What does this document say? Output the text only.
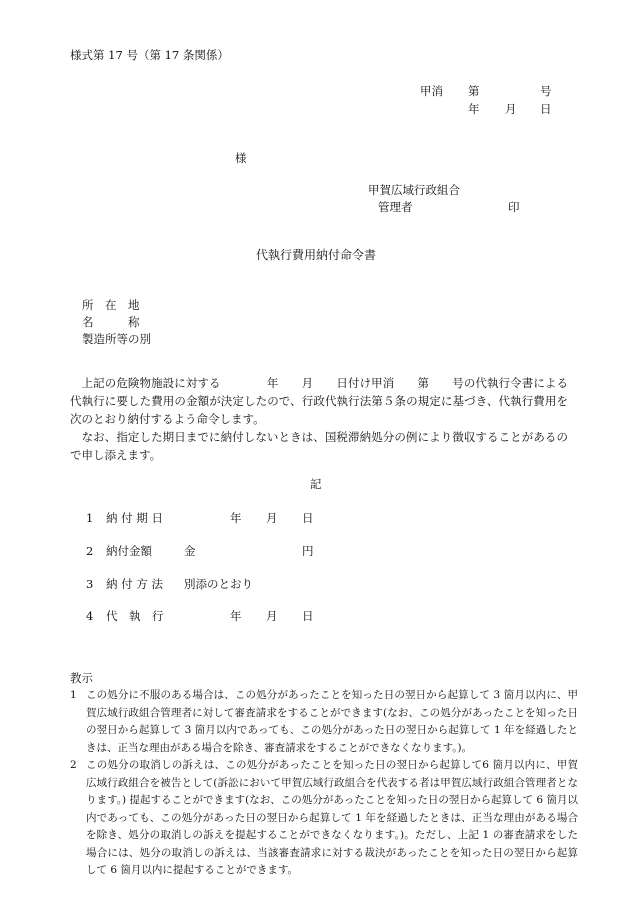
様式第 17 号（第 17 条関係）
甲消 第	号
年 月 日
様
甲賀広域行政組合
管理者	印
代執行費用納付命令書
所　在　地
名　　　称
製造所等の別
　上記の危険物施設に対する　　　　年　　月　　日付け甲消　　第　　号の代執行令書による代執行に要した費用の金額が決定したので、行政代執行法第５条の規定に基づき、代執行費用を次のとおり納付するよう命令します。
　なお、指定した期日までに納付しないときは、国税滞納処分の例により徴収することがあるので申し添えます。
記
1 納 付 期 日	年 月 日
2 納付金額	金	円
3 納 付 方 法 別添のとおり
4 代　執　行	年 月 日
教示
1 この処分に不服のある場合は、この処分があったことを知った日の翌日から起算して 3 箇月以内に、甲賀広域行政組合管理者に対して審査請求をすることができます(なお、この処分があったことを知った日の翌日から起算して 3 箇月以内であっても、この処分があった日の翌日から起算して 1 年を経過したときは、正当な理由がある場合を除き、審査請求をすることができなくなります。)。
2 この処分の取消しの訴えは、この処分があったことを知った日の翌日から起算して6 箇月以内に、甲賀広域行政組合を被告として(訴訟において甲賀広域行政組合を代表する者は甲賀広域行政組合管理者となります。) 提起することができます(なお、この処分があったことを知った日の翌日から起算して 6 箇月以内であっても、この処分があった日の翌日から起算して 1 年を経過したときは、正当な理由がある場合を除き、処分の取消しの訴えを提起することができなくなります。)。ただし、上記 1 の審査請求をした場合には、処分の取消しの訴えは、当該審査請求に対する裁決があったことを知った日の翌日から起算して 6 箇月以内に提起することができます。
